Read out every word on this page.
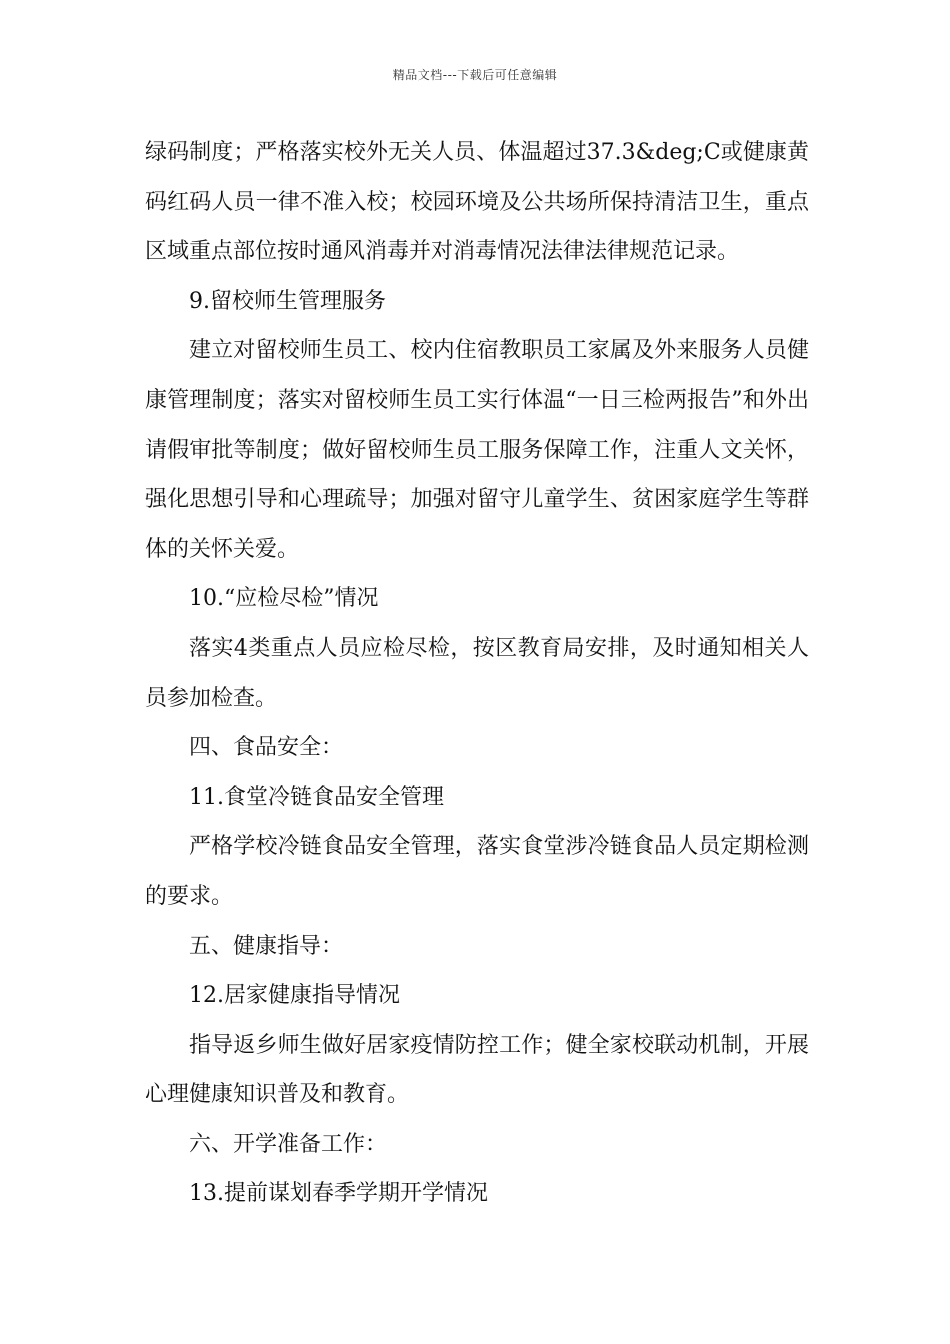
精品文档---下载后可任意编辑

绿码制度；严格落实校外无关人员、体温超过37.3&deg;C或健康黄码红码人员一律不准入校；校园环境及公共场所保持清洁卫生，重点区域重点部位按时通风消毒并对消毒情况法律法律规范记录。

9.留校师生管理服务

建立对留校师生员工、校内住宿教职员工家属及外来服务人员健康管理制度；落实对留校师生员工实行体温“一日三检两报告”和外出请假审批等制度；做好留校师生员工服务保障工作，注重人文关怀，强化思想引导和心理疏导；加强对留守儿童学生、贫困家庭学生等群体的关怀关爱。

10.“应检尽检”情况

落实4类重点人员应检尽检，按区教育局安排，及时通知相关人员参加检查。

四、食品安全：

11.食堂冷链食品安全管理

严格学校冷链食品安全管理，落实食堂涉冷链食品人员定期检测的要求。

五、健康指导：

12.居家健康指导情况

指导返乡师生做好居家疫情防控工作；健全家校联动机制，开展心理健康知识普及和教育。

六、开学准备工作：

13.提前谋划春季学期开学情况
